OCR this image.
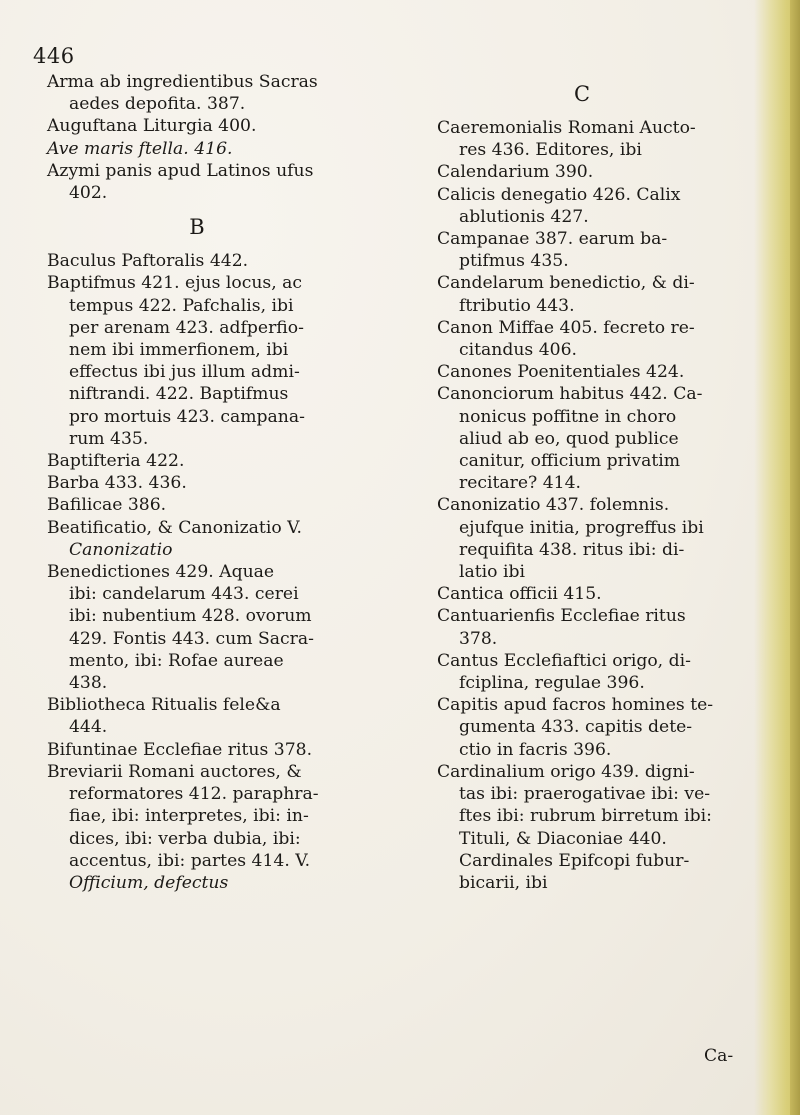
446

Arma ab ingredientibus Sacras

aedes depofita. 387.

Auguftana Liturgia 400.

Ave maris ftella. 416.

Azymi panis apud Latinos ufus

402.

B

Baculus Paftoralis 442.

Baptifmus 421. ejus locus, ac

tempus 422. Pafchalis, ibi

per arenam 423. adfperfio-

nem ibi immerfionem, ibi

effectus ibi jus illum admi-

niftrandi. 422. Baptifmus

pro mortuis 423. campana-

rum 435.

Baptifteria 422.

Barba 433. 436.

Bafilicae 386.

Beatificatio, & Canonizatio V.

Canonizatio

Benedictiones 429. Aquae

ibi: candelarum 443. cerei

ibi: nubentium 428. ovorum

429. Fontis 443. cum Sacra-

mento, ibi: Rofae aureae

438.

Bibliotheca Ritualis fele&a

444.

Bifuntinae Ecclefiae ritus 378.

Breviarii Romani auctores, &

reformatores 412. paraphra-

fiae, ibi: interpretes, ibi: in-

dices, ibi: verba dubia, ibi:

accentus, ibi: partes 414. V.

Officium, defectus

C

Caeremonialis Romani Aucto-

res 436. Editores, ibi

Calendarium 390.

Calicis denegatio 426. Calix

ablutionis 427.

Campanae 387. earum ba-

ptifmus 435.

Candelarum benedictio, & di-

ftributio 443.

Canon Miffae 405. fecreto re-

citandus 406.

Canones Poenitentiales 424.

Canonciorum habitus 442. Ca-

nonicus poffitne in choro

aliud ab eo, quod publice

canitur, officium privatim

recitare? 414.

Canonizatio 437. folemnis.

ejufque initia, progreffus ibi

requifita 438. ritus ibi: di-

latio ibi

Cantica officii 415.

Cantuarienfis Ecclefiae ritus

378.

Cantus Ecclefiaftici origo, di-

fciplina, regulae 396.

Capitis apud facros homines te-

gumenta 433. capitis dete-

ctio in facris 396.

Cardinalium origo 439. digni-

tas ibi: praerogativae ibi: ve-

ftes ibi: rubrum birretum ibi:

Tituli, & Diaconiae 440.

Cardinales Epifcopi fubur-

bicarii, ibi

Ca-
